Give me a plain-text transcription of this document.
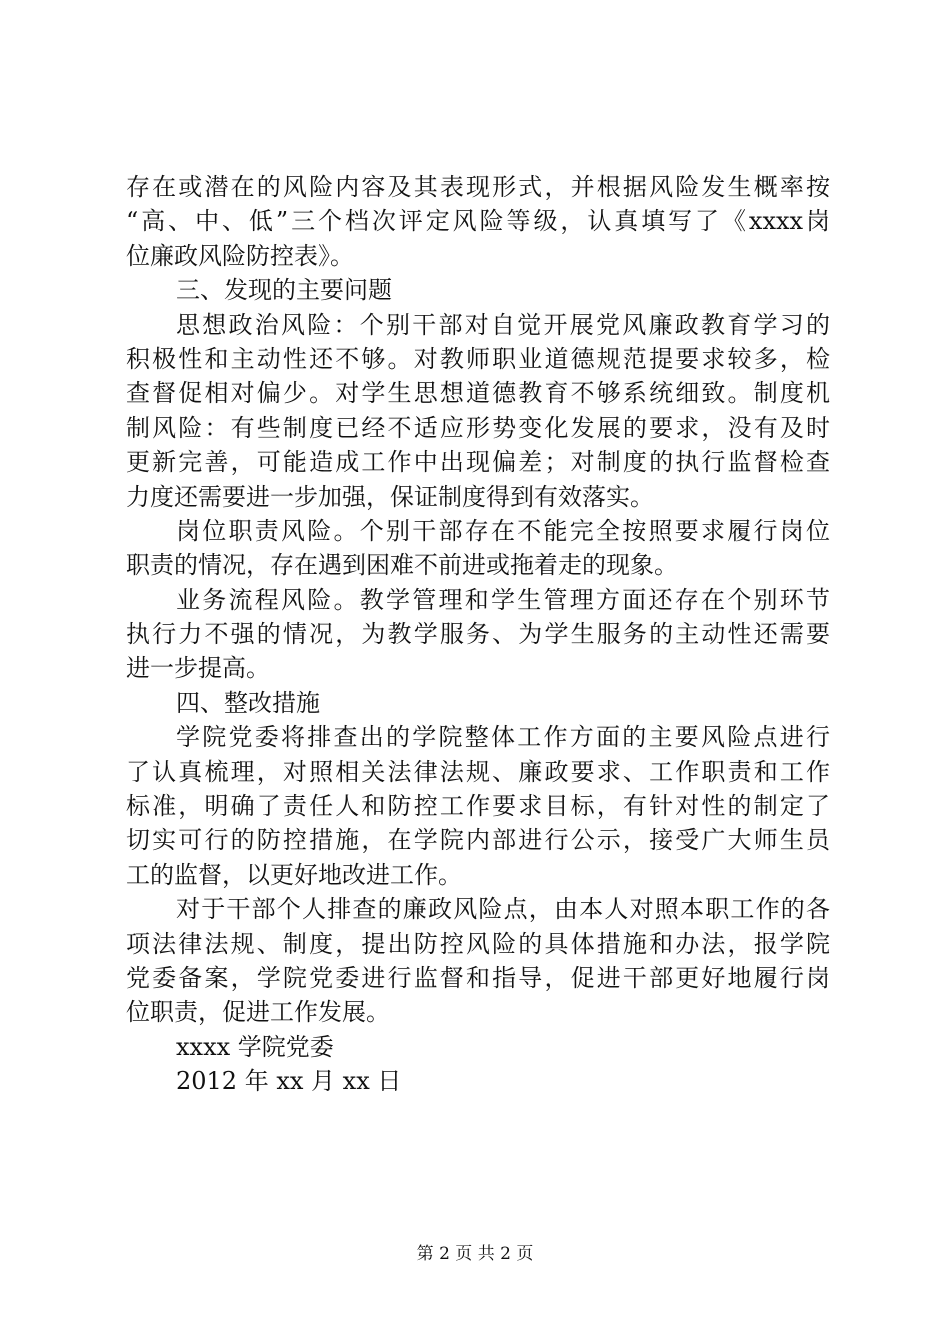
存在或潜在的风险内容及其表现形式，并根据风险发生概率按
“高、中、低”三个档次评定风险等级，认真填写了《xxxx岗
位廉政风险防控表》。
三、发现的主要问题
思想政治风险：个别干部对自觉开展党风廉政教育学习的
积极性和主动性还不够。对教师职业道德规范提要求较多，检
查督促相对偏少。对学生思想道德教育不够系统细致。制度机
制风险：有些制度已经不适应形势变化发展的要求，没有及时
更新完善，可能造成工作中出现偏差；对制度的执行监督检查
力度还需要进一步加强，保证制度得到有效落实。
岗位职责风险。个别干部存在不能完全按照要求履行岗位
职责的情况，存在遇到困难不前进或拖着走的现象。
业务流程风险。教学管理和学生管理方面还存在个别环节
执行力不强的情况，为教学服务、为学生服务的主动性还需要
进一步提高。
四、整改措施
学院党委将排查出的学院整体工作方面的主要风险点进行
了认真梳理，对照相关法律法规、廉政要求、工作职责和工作
标准，明确了责任人和防控工作要求目标，有针对性的制定了
切实可行的防控措施，在学院内部进行公示，接受广大师生员
工的监督，以更好地改进工作。
对于干部个人排查的廉政风险点，由本人对照本职工作的各
项法律法规、制度，提出防控风险的具体措施和办法，报学院
党委备案，学院党委进行监督和指导，促进干部更好地履行岗
位职责，促进工作发展。
xxxx 学院党委
2012 年 xx 月 xx 日
第 2 页 共 2 页
